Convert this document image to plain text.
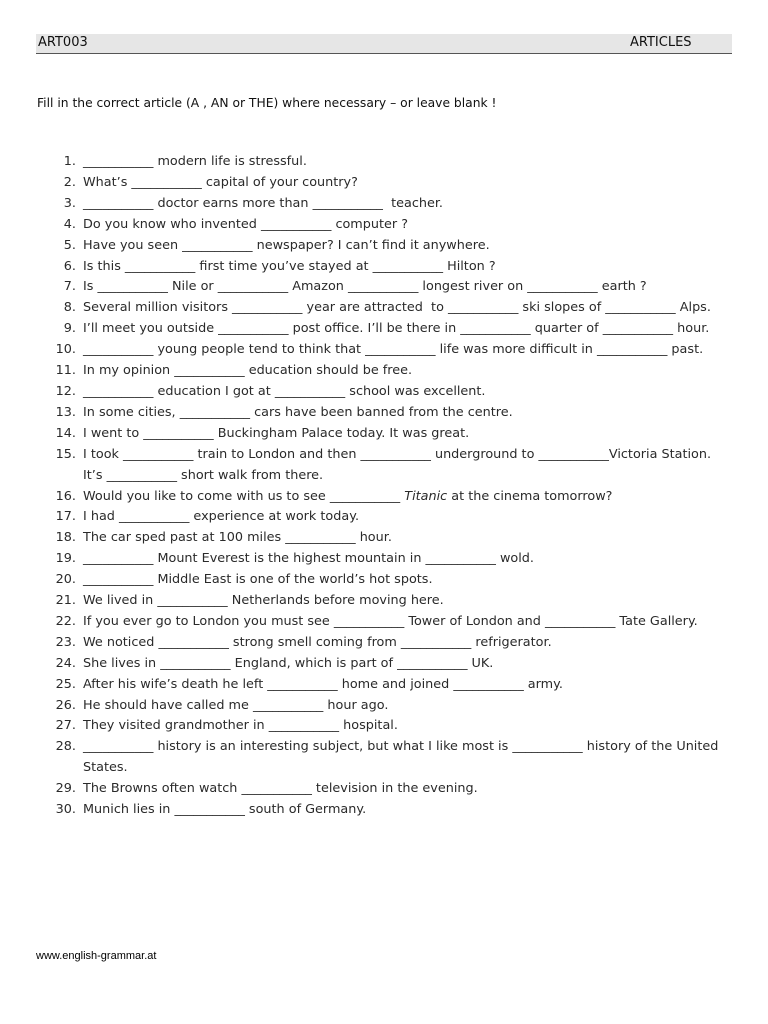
ART003	ARTICLES
Fill in the correct article (A , AN or THE) where necessary – or leave blank !
1. ___________ modern life is stressful.
2. What’s ___________ capital of your country?
3. ___________ doctor earns more than ___________  teacher.
4. Do you know who invented ___________ computer ?
5. Have you seen ___________ newspaper? I can’t find it anywhere.
6. Is this ___________ first time you’ve stayed at ___________ Hilton ?
7. Is ___________ Nile or ___________ Amazon ___________ longest river on ___________ earth ?
8. Several million visitors ___________ year are attracted  to ___________ ski slopes of ___________ Alps.
9. I’ll meet you outside ___________ post office. I’ll be there in ___________ quarter of ___________ hour.
10. ___________ young people tend to think that ___________ life was more difficult in ___________ past.
11. In my opinion ___________ education should be free.
12. ___________ education I got at ___________ school was excellent.
13. In some cities, ___________ cars have been banned from the centre.
14. I went to ___________ Buckingham Palace today. It was great.
15. I took ___________ train to London and then ___________ underground to ___________Victoria Station.
It’s ___________ short walk from there.
16. Would you like to come with us to see ___________ Titanic at the cinema tomorrow?
17. I had ___________ experience at work today.
18. The car sped past at 100 miles ___________ hour.
19. ___________ Mount Everest is the highest mountain in ___________ wold.
20. ___________ Middle East is one of the world’s hot spots.
21. We lived in ___________ Netherlands before moving here.
22. If you ever go to London you must see ___________ Tower of London and ___________ Tate Gallery.
23. We noticed ___________ strong smell coming from ___________ refrigerator.
24. She lives in ___________ England, which is part of ___________ UK.
25. After his wife’s death he left ___________ home and joined ___________ army.
26. He should have called me ___________ hour ago.
27. They visited grandmother in ___________ hospital.
28. ___________ history is an interesting subject, but what I like most is ___________ history of the United
States.
29. The Browns often watch ___________ television in the evening.
30. Munich lies in ___________ south of Germany.
www.english-grammar.at
